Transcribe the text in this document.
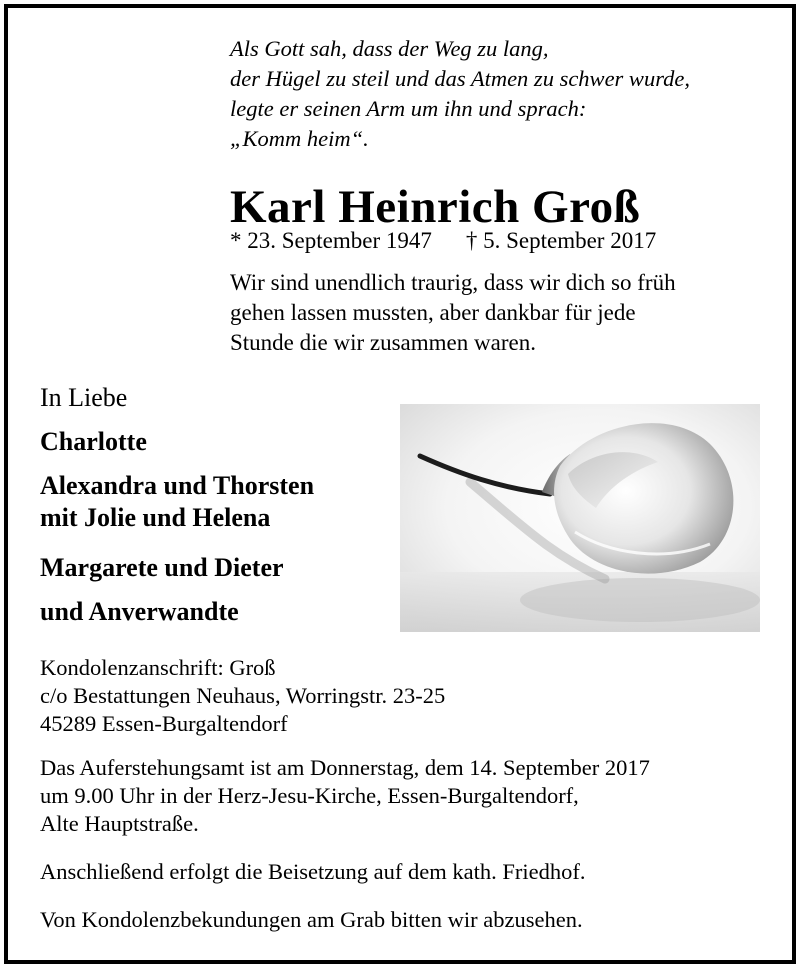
Als Gott sah, dass der Weg zu lang,
der Hügel zu steil und das Atmen zu schwer wurde,
legte er seinen Arm um ihn und sprach:
„Komm heim“.
Karl Heinrich Groß
* 23. September 1947 † 5. September 2017
Wir sind unendlich traurig, dass wir dich so früh
gehen lassen mussten, aber dankbar für jede
Stunde die wir zusammen waren.
In Liebe
Charlotte
Alexandra und Thorsten
mit Jolie und Helena
Margarete und Dieter
und Anverwandte
Kondolenzanschrift: Groß
c/o Bestattungen Neuhaus, Worringstr. 23-25
45289 Essen-Burgaltendorf
Das Auferstehungsamt ist am Donnerstag, dem 14. September 2017
um 9.00 Uhr in der Herz-Jesu-Kirche, Essen-Burgaltendorf,
Alte Hauptstraße.
Anschließend erfolgt die Beisetzung auf dem kath. Friedhof.
Von Kondolenzbekundungen am Grab bitten wir abzusehen.
